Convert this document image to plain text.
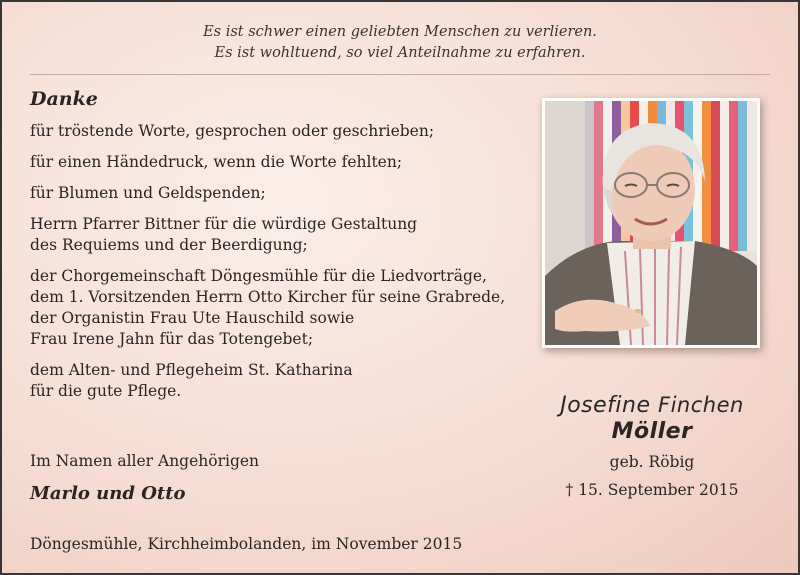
Es ist schwer einen geliebten Menschen zu verlieren.
Es ist wohltuend, so viel Anteilnahme zu erfahren.
Danke

für tröstende Worte, gesprochen oder geschrieben;

für einen Händedruck, wenn die Worte fehlten;

für Blumen und Geldspenden;

Herrn Pfarrer Bittner für die würdige Gestaltung
des Requiems und der Beerdigung;

der Chorgemeinschaft Döngesmühle für die Liedvorträge,
dem 1. Vorsitzenden Herrn Otto Kircher für seine Grabrede,
der Organistin Frau Ute Hauschild sowie
Frau Irene Jahn für das Totengebet;

dem Alten- und Pflegeheim St. Katharina
für die gute Pflege.

Im Namen aller Angehörigen
Marlo und Otto
Döngesmühle, Kirchheimbolanden, im November 2015
Josefine Finchen
Möller
geb. Röbig
† 15. September 2015
